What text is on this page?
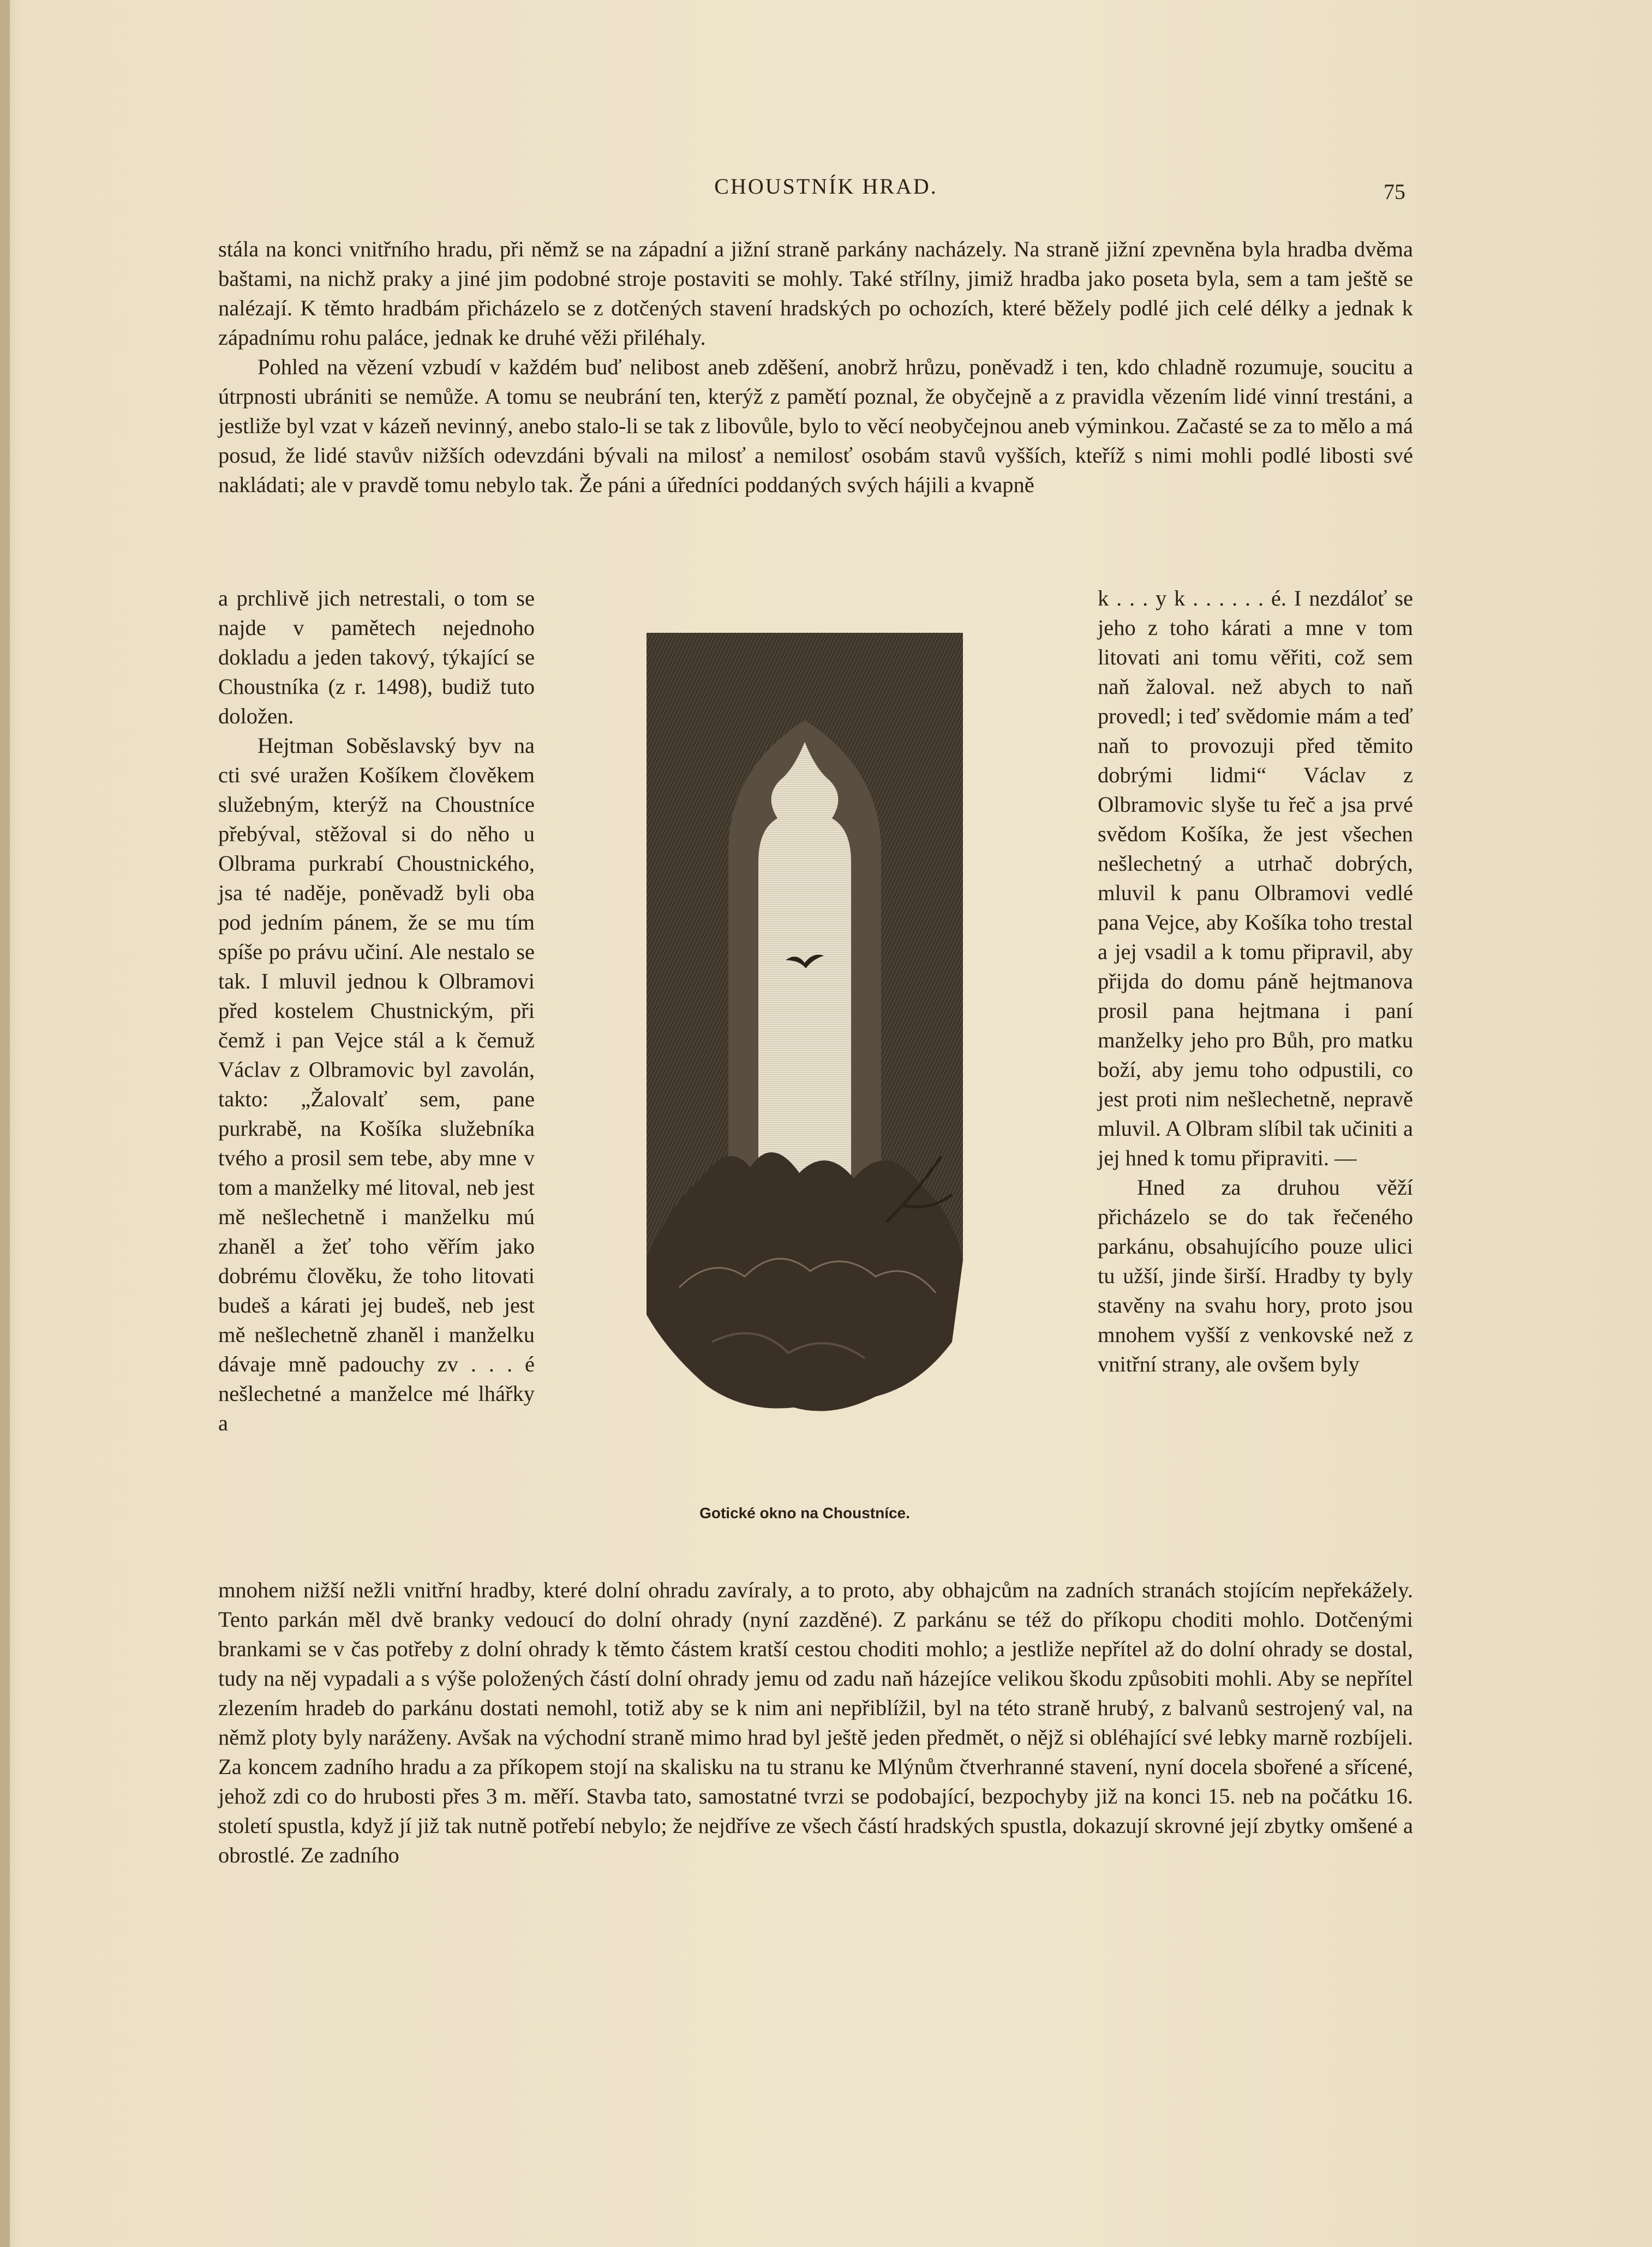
CHOUSTNÍK HRAD.	75

stála na konci vnitřního hradu, při němž se na západní a jižní straně parkány nacházely. Na straně jižní zpevněna byla hradba dvěma baštami, na nichž praky a jiné jim podobné stroje postaviti se mohly. Také střílny, jimiž hradba jako poseta byla, sem a tam ještě se nalézají. K těmto hradbám přicházelo se z dotčených stavení hradských po ochozích, které běžely podlé jich celé délky a jednak k západnímu rohu paláce, jednak ke druhé věži přiléhaly.

Pohled na vězení vzbudí v každém buď nelibost aneb zděšení, anobrž hrůzu, poněvadž i ten, kdo chladně rozumuje, soucitu a útrpnosti ubrániti se nemůže. A tomu se neubrání ten, kterýž z pamětí poznal, že obyčejně a z pravidla vězením lidé vinní trestáni, a jestliže byl vzat v kázeň nevinný, anebo stalo-li se tak z libovůle, bylo to věcí neobyčejnou aneb výminkou. Začasté se za to mělo a má posud, že lidé stavův nižších odevzdáni bývali na milosť a nemilosť osobám stavů vyšších, kteříž s nimi mohli podlé libosti své nakládati; ale v pravdě tomu nebylo tak. Že páni a úředníci poddaných svých hájili a kvapně

a prchlivě jich netrestali, o tom se najde v pamětech nejednoho dokladu a jeden takový, týkající se Choustníka (z r. 1498), budiž tuto doložen.

Hejtman Soběslavský byv na cti své uražen Košíkem člověkem služebným, kterýž na Choustníce přebýval, stěžoval si do něho u Olbrama purkrabí Choustnického, jsa té naděje, poněvadž byli oba pod jedním pánem, že se mu tím spíše po právu učiní. Ale nestalo se tak. I mluvil jednou k Olbramovi před kostelem Chustnickým, při čemž i pan Vejce stál a k čemuž Václav z Olbramovic byl zavolán, takto: „Žalovalť sem, pane purkrabě, na Košíka služebníka tvého a prosil sem tebe, aby mne v tom a manželky mé litoval, neb jest mě nešlechetně i manželku mú zhaněl a žeť toho věřím jako dobrému člověku, že toho litovati budeš a kárati jej budeš, neb jest mě nešlechetně zhaněl i manželku dávaje mně padouchy zv . . . é nešlechetné a manželce mé lhářky a

Gotické okno na Choustníce.

k . . . y k . . . . . . é. I nezdáloť se jeho z toho kárati a mne v tom litovati ani tomu věřiti, což sem naň žaloval. než abych to naň provedl; i teď svědomie mám a teď naň to provozuji před těmito dobrými lidmi“ Václav z Olbramovic slyše tu řeč a jsa prvé svědom Košíka, že jest všechen nešlechetný a utrhač dobrých, mluvil k panu Olbramovi vedlé pana Vejce, aby Košíka toho trestal a jej vsadil a k tomu připravil, aby přijda do domu páně hejtmanova prosil pana hejtmana i paní manželky jeho pro Bůh, pro matku boží, aby jemu toho odpustili, co jest proti nim nešlechetně, nepravě mluvil. A Olbram slíbil tak učiniti a jej hned k tomu připraviti. —

Hned za druhou věží přicházelo se do tak řečeného parkánu, obsahujícího pouze ulici tu užší, jinde širší. Hradby ty byly stavěny na svahu hory, proto jsou mnohem vyšší z venkovské než z vnitřní strany, ale ovšem byly

mnohem nižší nežli vnitřní hradby, které dolní ohradu zavíraly, a to proto, aby obhajcům na zadních stranách stojícím nepřekážely. Tento parkán měl dvě branky vedoucí do dolní ohrady (nyní zazděné). Z parkánu se též do příkopu choditi mohlo. Dotčenými brankami se v čas potřeby z dolní ohrady k těmto částem kratší cestou choditi mohlo; a jestliže nepřítel až do dolní ohrady se dostal, tudy na něj vypadali a s výše položených částí dolní ohrady jemu od zadu naň házejíce velikou škodu způsobiti mohli. Aby se nepřítel zlezením hradeb do parkánu dostati nemohl, totiž aby se k nim ani nepřiblížil, byl na této straně hrubý, z balvanů sestrojený val, na němž ploty byly naráženy. Avšak na východní straně mimo hrad byl ještě jeden předmět, o nějž si obléhající své lebky marně rozbíjeli. Za koncem zadního hradu a za příkopem stojí na skalisku na tu stranu ke Mlýnům čtverhranné stavení, nyní docela sbořené a sřícené, jehož zdi co do hrubosti přes 3 m. měří. Stavba tato, samostatné tvrzi se podobající, bezpochyby již na konci 15. neb na počátku 16. století spustla, když jí již tak nutně potřebí nebylo; že nejdříve ze všech částí hradských spustla, dokazují skrovné její zbytky omšené a obrostlé. Ze zadního
